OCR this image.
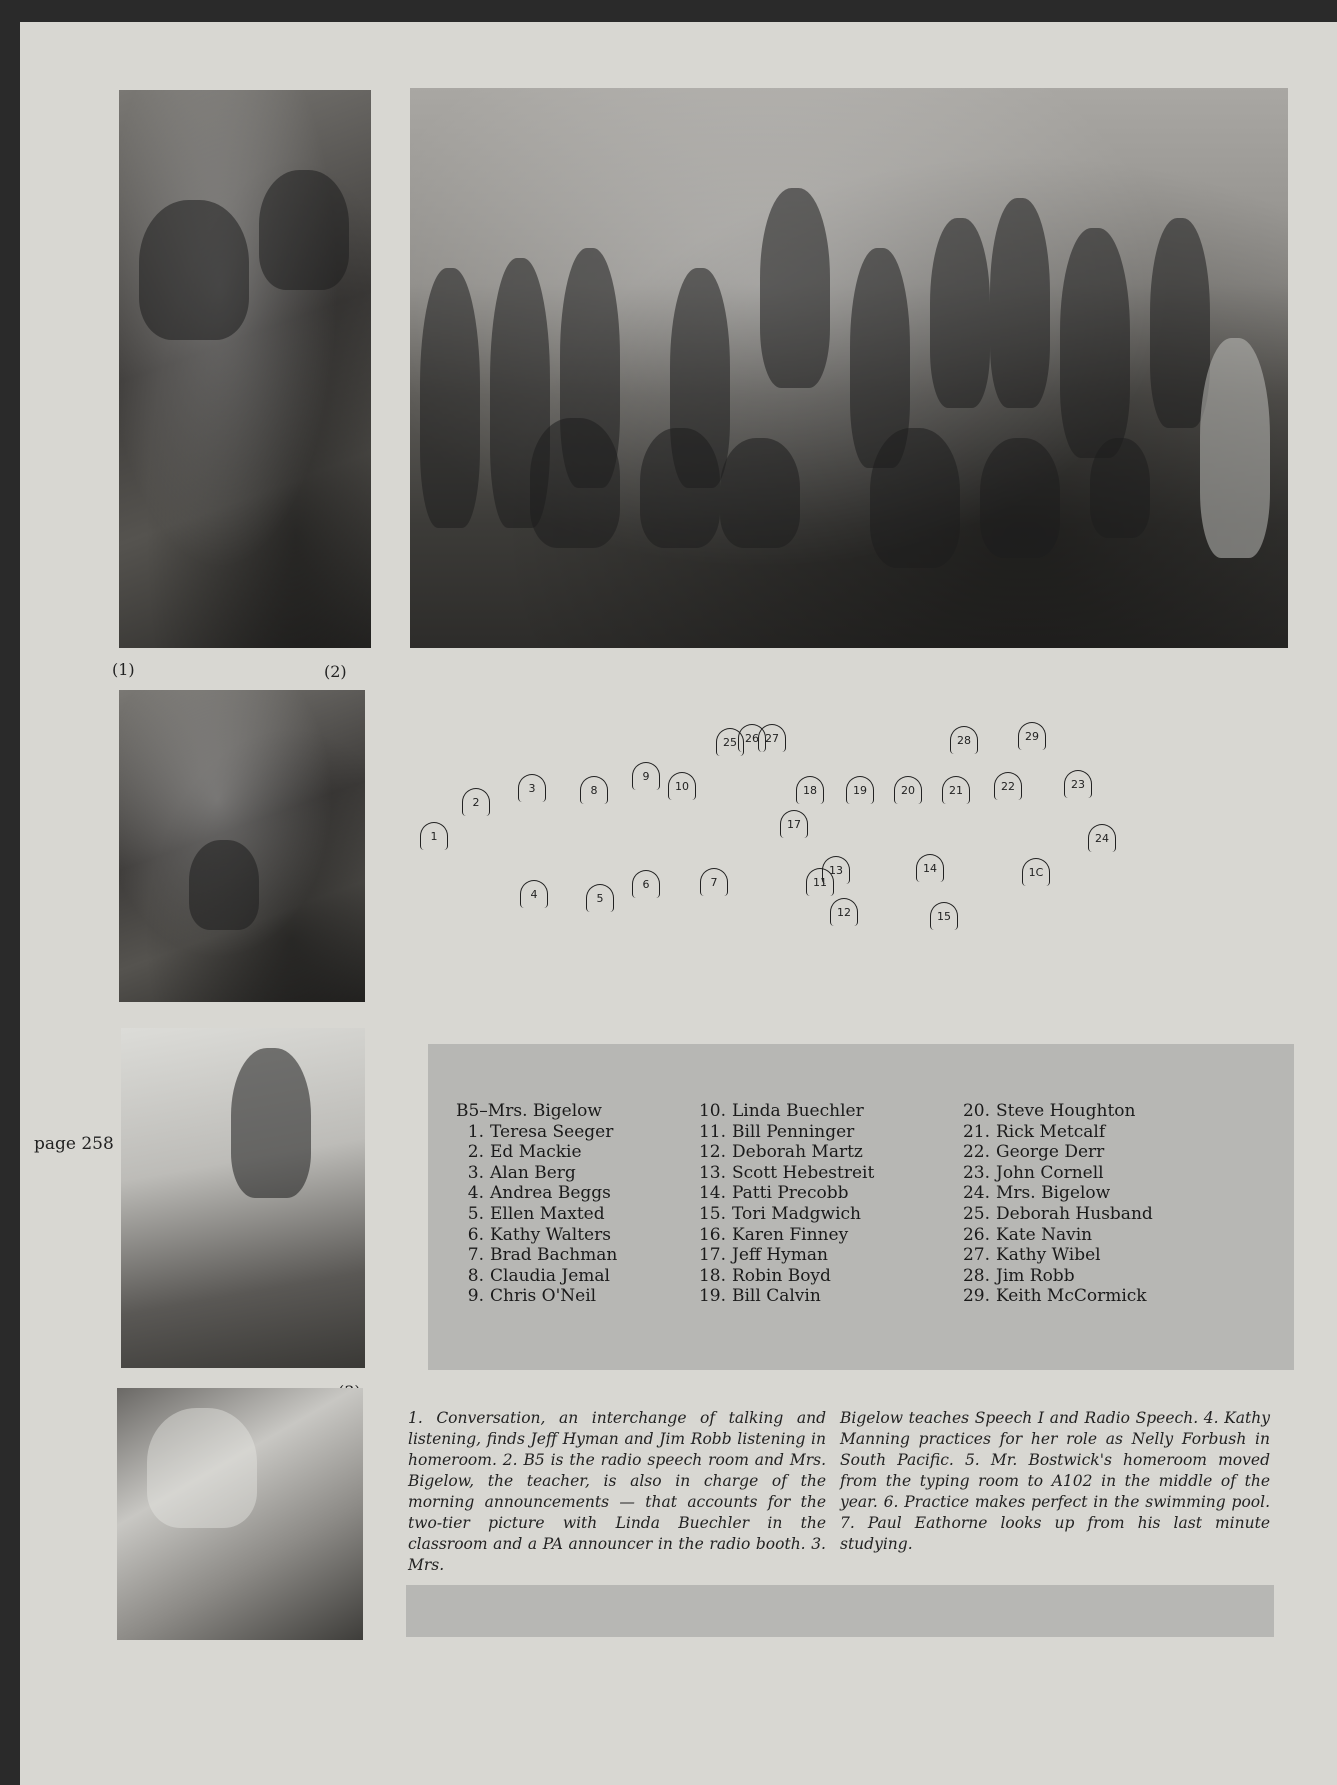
(1)	(2)
page 258
1
2
3
4	5
6	7
8
9
10
11
12
13	14
15
1C
17
18	19	20	21	22	23
24
25 26 27	28	29
B5–Mrs. Bigelow
1. Teresa Seeger
2. Ed Mackie
3. Alan Berg
4. Andrea Beggs
5. Ellen Maxted
6. Kathy Walters
7. Brad Bachman
8. Claudia Jemal
9. Chris O'Neil
10. Linda Buechler
11. Bill Penninger
12. Deborah Martz
13. Scott Hebestreit
14. Patti Precobb
15. Tori Madgwich
16. Karen Finney
17. Jeff Hyman
18. Robin Boyd
19. Bill Calvin
20. Steve Houghton
21. Rick Metcalf
22. George Derr
23. John Cornell
24. Mrs. Bigelow
25. Deborah Husband
26. Kate Navin
27. Kathy Wibel
28. Jim Robb
29. Keith McCormick
1. Conversation, an interchange of talking and listening, finds Jeff Hyman and Jim Robb listening in homeroom. 2. B5 is the radio speech room and Mrs. Bigelow, the teacher, is also in charge of the morning announcements — that accounts for the two-tier picture with Linda Buechler in the classroom and a PA announcer in the radio booth. 3. Mrs.
Bigelow teaches Speech I and Radio Speech. 4. Kathy Manning practices for her role as Nelly Forbush in South Pacific. 5. Mr. Bostwick's homeroom moved from the typing room to A102 in the middle of the year. 6. Practice makes perfect in the swimming pool. 7. Paul Eathorne looks up from his last minute studying.
